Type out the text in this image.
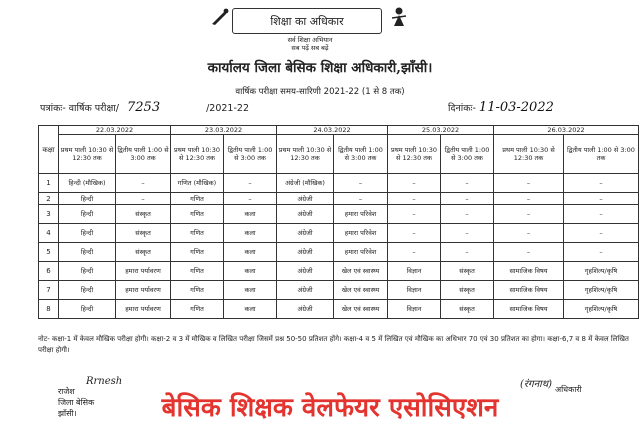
शिक्षा का अधिकार
सर्व शिक्षा अभियान
सब पढ़ें सब बढ़ें
कार्यालय जिला बेसिक शिक्षा अधिकारी,झाँसी।
वार्षिक परीक्षा समय-सारिणी 2021-22 (1 से 8 तक)
पत्रांकः- वार्षिक परीक्षा/ 7253	/2021-22	दिनांकः- 11-03-2022
कक्षा	22.03.2022		23.03.2022		24.03.2022		25.03.2022		26.03.2022	
	प्रथम पाली 10:30 से 12:30 तक	द्वितीय पाली 1:00 से 3:00 तक	प्रथम पाली 10:30 से 12:30 तक	द्वितीय पाली 1:00 से 3:00 तक	प्रथम पाली 10:30 से 12:30 तक	द्वितीय पाली 1:00 से 3:00 तक	प्रथम पाली 10:30 से 12:30 तक	द्वितीय पाली 1:00 से 3:00 तक	प्रथम पाली 10:30 से 12:30 तक	द्वितीय पाली 1:00 से 3:00 तक
1	हिन्दी (मौखिक)	–	गणित (मौखिक)	–	अंग्रेजी (मौखिक)	–	–	–	–	–
2	हिन्दी	–	गणित	–	अंग्रेजी	–	–	–	–	–
3	हिन्दी	संस्कृत	गणित	कला	अंग्रेजी	हमारा परिवेश	–	–	–	–
4	हिन्दी	संस्कृत	गणित	कला	अंग्रेजी	हमारा परिवेश	–	–	–	–
5	हिन्दी	संस्कृत	गणित	कला	अंग्रेजी	हमारा परिवेश	–	–	–	–
6	हिन्दी	हमारा पर्यावरण	गणित	कला	अंग्रेजी	खेल एवं स्वास्थ्य	विज्ञान	संस्कृत	सामाजिक विषय	गृहशिल्प/कृषि
7	हिन्दी	हमारा पर्यावरण	गणित	कला	अंग्रेजी	खेल एवं स्वास्थ्य	विज्ञान	संस्कृत	सामाजिक विषय	गृहशिल्प/कृषि
8	हिन्दी	हमारा पर्यावरण	गणित	कला	अंग्रेजी	खेल एवं स्वास्थ्य	विज्ञान	संस्कृत	सामाजिक विषय	गृहशिल्प/कृषि
नोट- कक्षा-1 में केवल मौखिक परीक्षा होगी। कक्षा-2 व 3 में मौखिक व लिखित परीक्षा जिसमें प्रश्न 50-50 प्रतिशत होंगे। कक्षा-4 व 5 में लिखित एवं मौखिक का अधिभार 70 एवं 30 प्रतिशत का होगा। कक्षा-6,7 व 8 में केवल लिखित परीक्षा होगी।
राजेश
जिला बेसिक
झाँसी।
Rrnesh	(रंगनाथ) अधिकारी
बेसिक शिक्षक वेलफेयर एसोसिएशन
